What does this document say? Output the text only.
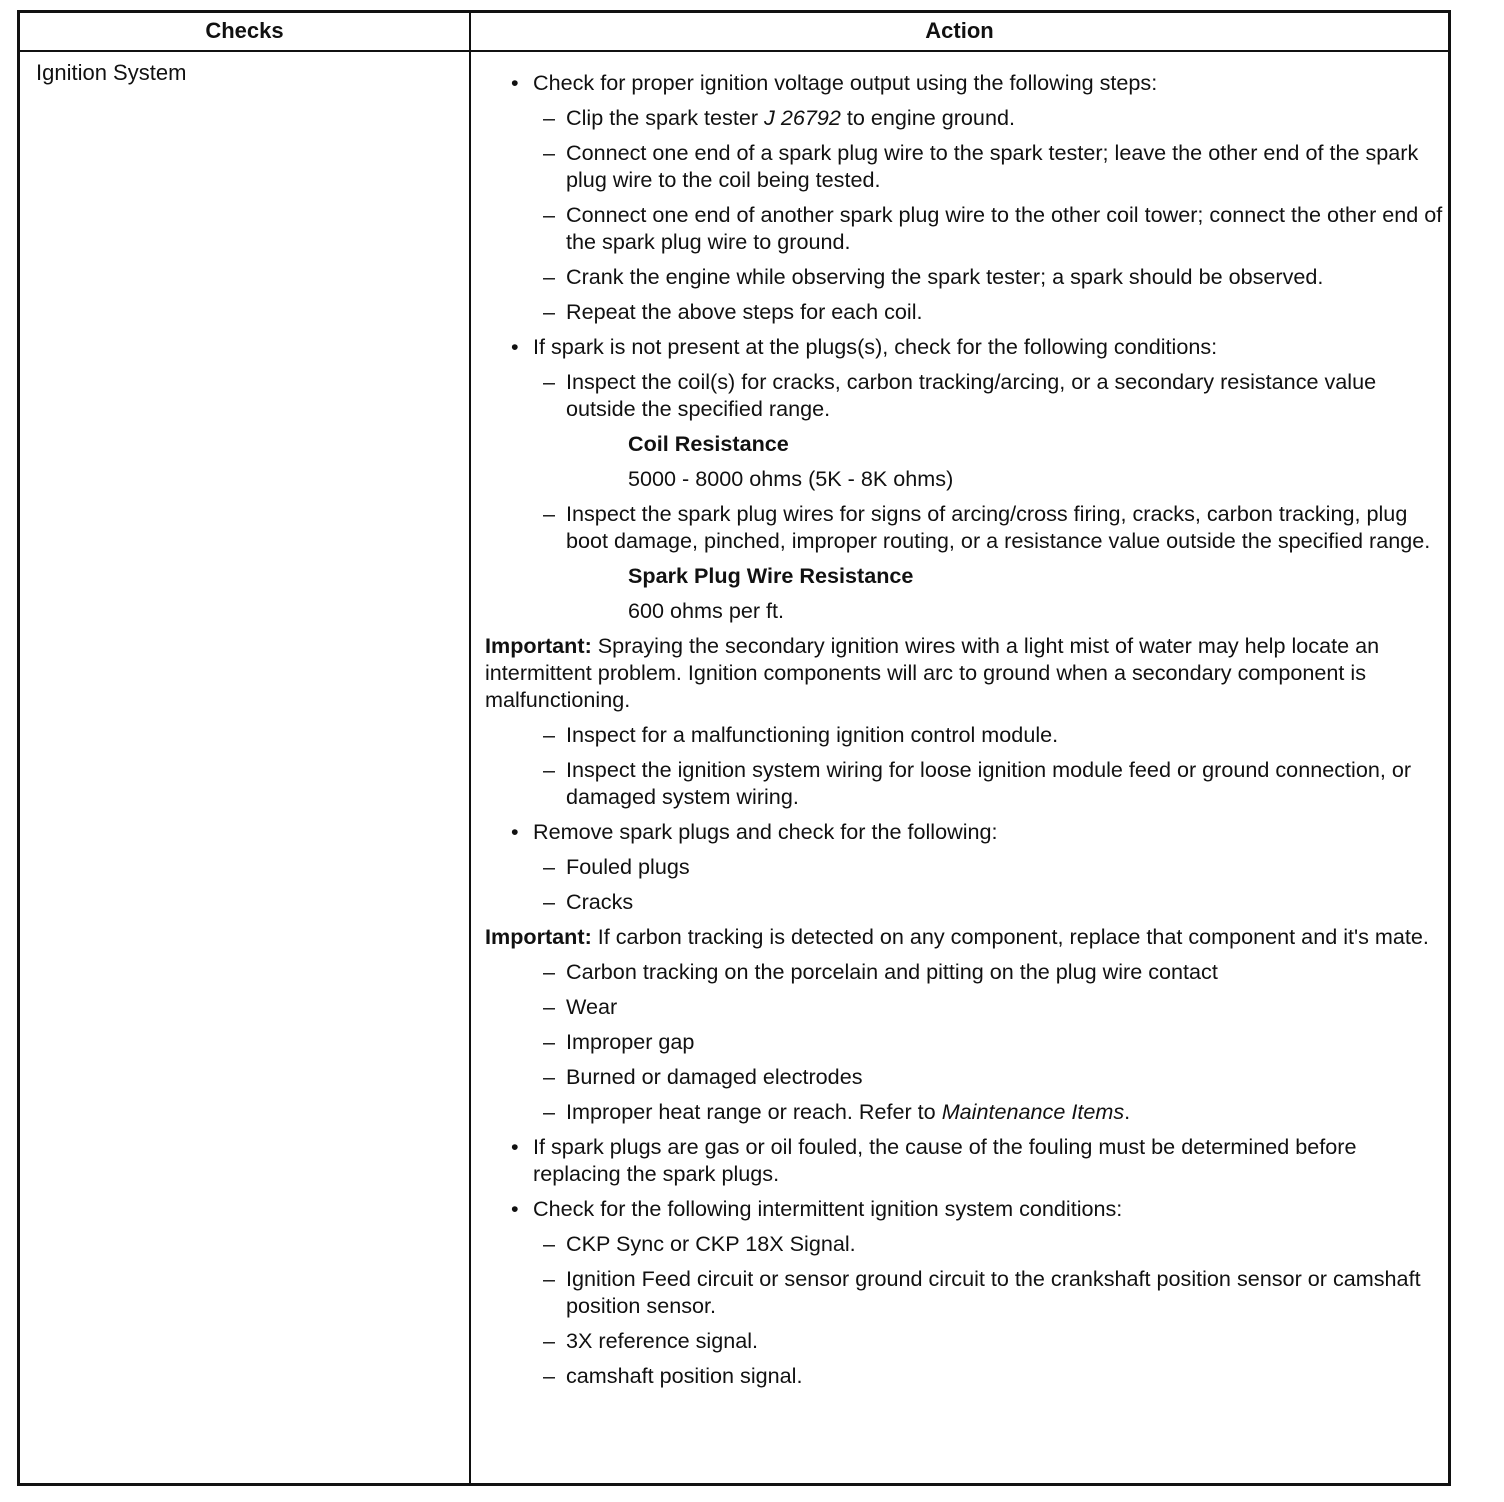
Checks	Action
Ignition System	• Check for proper ignition voltage output using the following steps:
– Clip the spark tester J 26792 to engine ground.
– Connect one end of a spark plug wire to the spark tester; leave the other end of the spark plug wire to the coil being tested.
– Connect one end of another spark plug wire to the other coil tower; connect the other end of the spark plug wire to ground.
– Crank the engine while observing the spark tester; a spark should be observed.
– Repeat the above steps for each coil.
• If spark is not present at the plugs(s), check for the following conditions:
– Inspect the coil(s) for cracks, carbon tracking/arcing, or a secondary resistance value outside the specified range.
Coil Resistance
5000 - 8000 ohms (5K - 8K ohms)
– Inspect the spark plug wires for signs of arcing/cross firing, cracks, carbon tracking, plug boot damage, pinched, improper routing, or a resistance value outside the specified range.
Spark Plug Wire Resistance
600 ohms per ft.
Important: Spraying the secondary ignition wires with a light mist of water may help locate an intermittent problem. Ignition components will arc to ground when a secondary component is malfunctioning.
– Inspect for a malfunctioning ignition control module.
– Inspect the ignition system wiring for loose ignition module feed or ground connection, or damaged system wiring.
• Remove spark plugs and check for the following:
– Fouled plugs
– Cracks
Important: If carbon tracking is detected on any component, replace that component and it's mate.
– Carbon tracking on the porcelain and pitting on the plug wire contact
– Wear
– Improper gap
– Burned or damaged electrodes
– Improper heat range or reach. Refer to Maintenance Items.
• If spark plugs are gas or oil fouled, the cause of the fouling must be determined before replacing the spark plugs.
• Check for the following intermittent ignition system conditions:
– CKP Sync or CKP 18X Signal.
– Ignition Feed circuit or sensor ground circuit to the crankshaft position sensor or camshaft position sensor.
– 3X reference signal.
– camshaft position signal.
